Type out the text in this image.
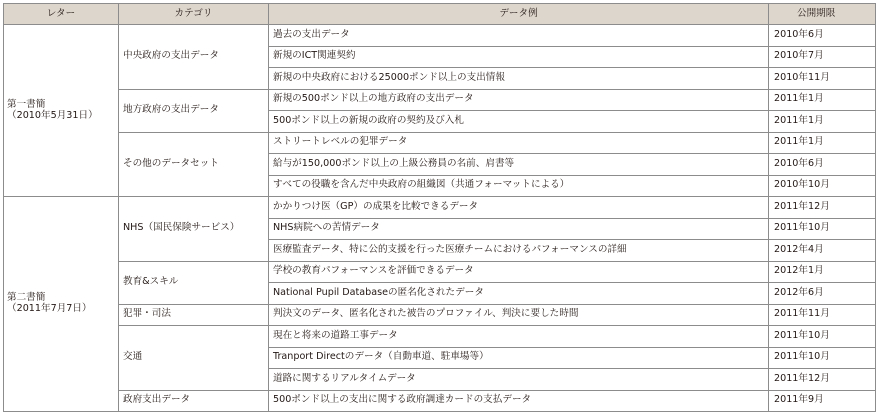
レター	カテゴリ	データ例	公開期限

第一書簡
（2010年5月31日）	中央政府の支出データ	過去の支出データ	2010年6月
		新規のICT関連契約	2010年7月
		新規の中央政府における25000ポンド以上の支出情報	2010年11月
	地方政府の支出データ	新規の500ポンド以上の地方政府の支出データ	2011年1月
		500ポンド以上の新規の政府の契約及び入札	2011年1月
	その他のデータセット	ストリートレベルの犯罪データ	2011年1月
		給与が150,000ポンド以上の上級公務員の名前、肩書等	2010年6月
		すべての役職を含んだ中央政府の組織図（共通フォーマットによる）	2010年10月

第二書簡
（2011年7月7日）	NHS（国民保険サービス）	かかりつけ医（GP）の成果を比較できるデータ	2011年12月
		NHS病院への苦情データ	2011年10月
		医療監査データ、特に公的支援を行った医療チームにおけるパフォーマンスの詳細	2012年4月
	教育&スキル	学校の教育パフォーマンスを評価できるデータ	2012年1月
		National Pupil Databaseの匿名化されたデータ	2012年6月
	犯罪・司法	判決文のデータ、匿名化された被告のプロファイル、判決に要した時間	2011年11月
	交通	現在と将来の道路工事データ	2011年10月
		Tranport Directのデータ（自動車道、駐車場等）	2011年10月
		道路に関するリアルタイムデータ	2011年12月
	政府支出データ	500ポンド以上の支出に関する政府調達カードの支払データ	2011年9月
